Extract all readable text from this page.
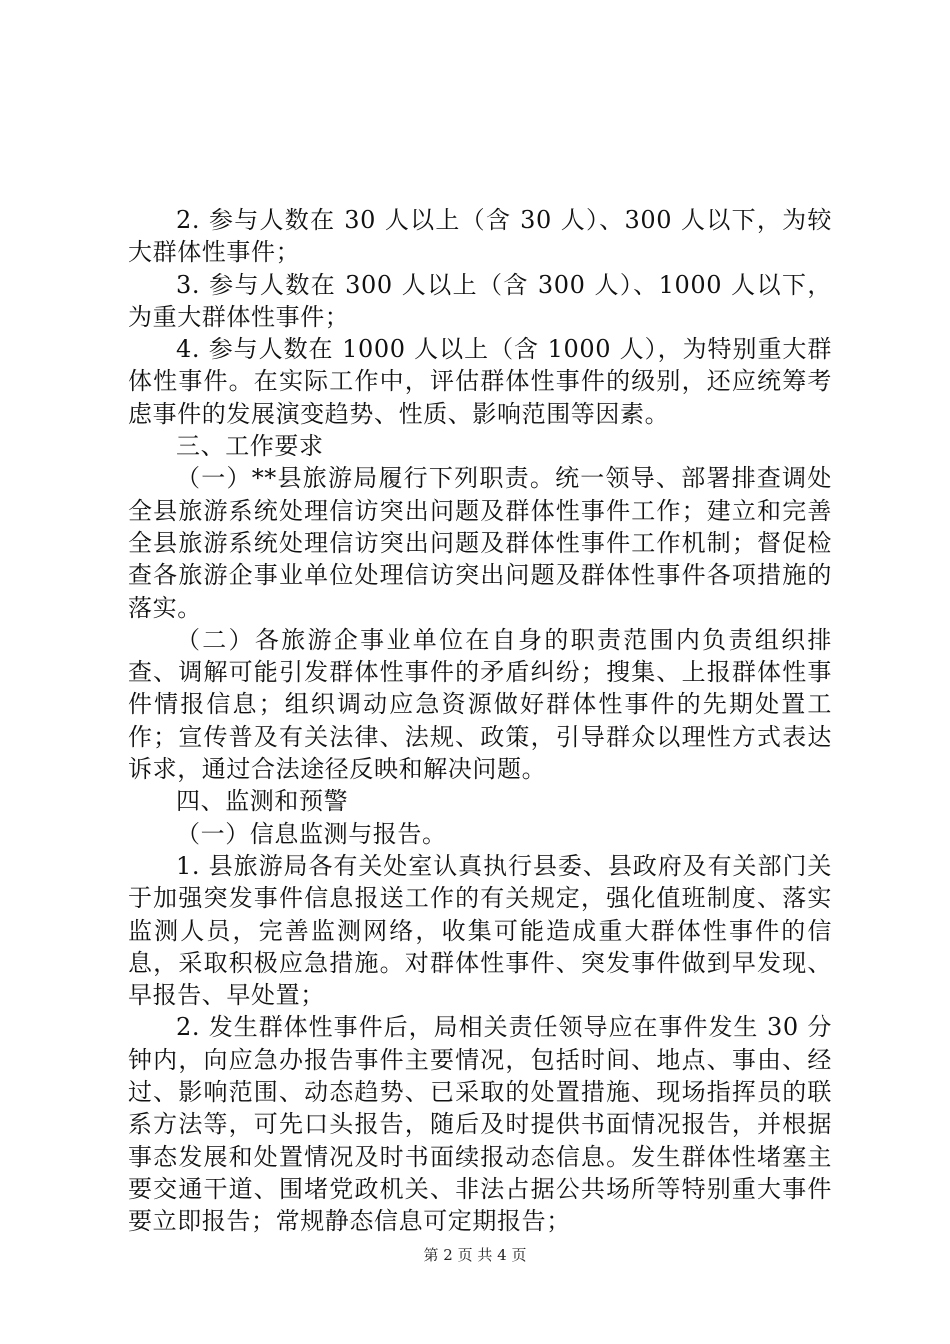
2. 参与人数在 30 人以上（含 30 人）、300 人以下，为较大群体性事件；

3. 参与人数在 300 人以上（含 300 人）、1000 人以下，为重大群体性事件；

4. 参与人数在 1000 人以上（含 1000 人），为特别重大群体性事件。在实际工作中，评估群体性事件的级别，还应统筹考虑事件的发展演变趋势、性质、影响范围等因素。

三、工作要求

（一）**县旅游局履行下列职责。统一领导、部署排查调处全县旅游系统处理信访突出问题及群体性事件工作；建立和完善全县旅游系统处理信访突出问题及群体性事件工作机制；督促检查各旅游企事业单位处理信访突出问题及群体性事件各项措施的落实。

（二）各旅游企事业单位在自身的职责范围内负责组织排查、调解可能引发群体性事件的矛盾纠纷；搜集、上报群体性事件情报信息；组织调动应急资源做好群体性事件的先期处置工作；宣传普及有关法律、法规、政策，引导群众以理性方式表达诉求，通过合法途径反映和解决问题。

四、监测和预警

（一）信息监测与报告。

1. 县旅游局各有关处室认真执行县委、县政府及有关部门关于加强突发事件信息报送工作的有关规定，强化值班制度、落实监测人员，完善监测网络，收集可能造成重大群体性事件的信息，采取积极应急措施。对群体性事件、突发事件做到早发现、早报告、早处置；

2. 发生群体性事件后，局相关责任领导应在事件发生 30 分钟内，向应急办报告事件主要情况，包括时间、地点、事由、经过、影响范围、动态趋势、已采取的处置措施、现场指挥员的联系方法等，可先口头报告，随后及时提供书面情况报告，并根据事态发展和处置情况及时书面续报动态信息。发生群体性堵塞主要交通干道、围堵党政机关、非法占据公共场所等特别重大事件要立即报告；常规静态信息可定期报告；

第 2 页 共 4 页
